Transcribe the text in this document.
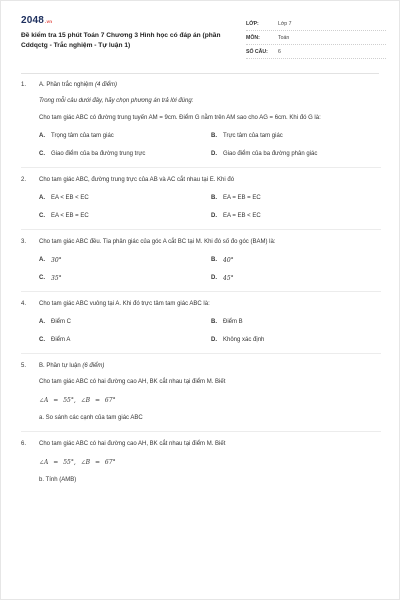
2048.vn
Đề kiểm tra 15 phút Toán 7 Chương 3 Hình học có đáp án (phần Cddqctg - Trắc nghiệm - Tự luận 1)
LỚP:	Lớp 7
MÔN:	Toán
SỐ CÂU:	6
1.	A. Phần trắc nghiệm (4 điểm)
Trong mỗi câu dưới đây, hãy chọn phương án trả lời đúng:
Cho tam giác ABC có đường trung tuyến AM = 9cm. Điểm G nằm trên AM sao cho AG = 6cm. Khi đó G là:
A.	Trọng tâm của tam giác	B.	Trực tâm của tam giác
C.	Giao điểm của ba đường trung trực	D.	Giao điểm của ba đường phân giác
2.	Cho tam giác ABC, đường trung trực của AB và AC cắt nhau tại E. Khi đó
A.	EA < EB < EC	B.	EA = EB = EC
C.	EA < EB = EC	D.	EA = EB < EC
3.	Cho tam giác ABC đều. Tia phân giác của góc A cắt BC tại M. Khi đó số đo góc (BAM) là:
A.	30°	B.	40°
C.	35°	D.	45°
4.	Cho tam giác ABC vuông tại A. Khi đó trực tâm tam giác ABC là:
A.	Điểm C	B.	Điểm B
C.	Điểm A	D.	Không xác định
5.	B. Phần tự luận (6 điểm)
Cho tam giác ABC có hai đường cao AH, BK cắt nhau tại điểm M. Biết
∠A = 55°, ∠B = 67°
a. So sánh các cạnh của tam giác ABC
6.	Cho tam giác ABC có hai đường cao AH, BK cắt nhau tại điểm M. Biết
∠A = 55°, ∠B = 67°
b. Tính (AMB)
